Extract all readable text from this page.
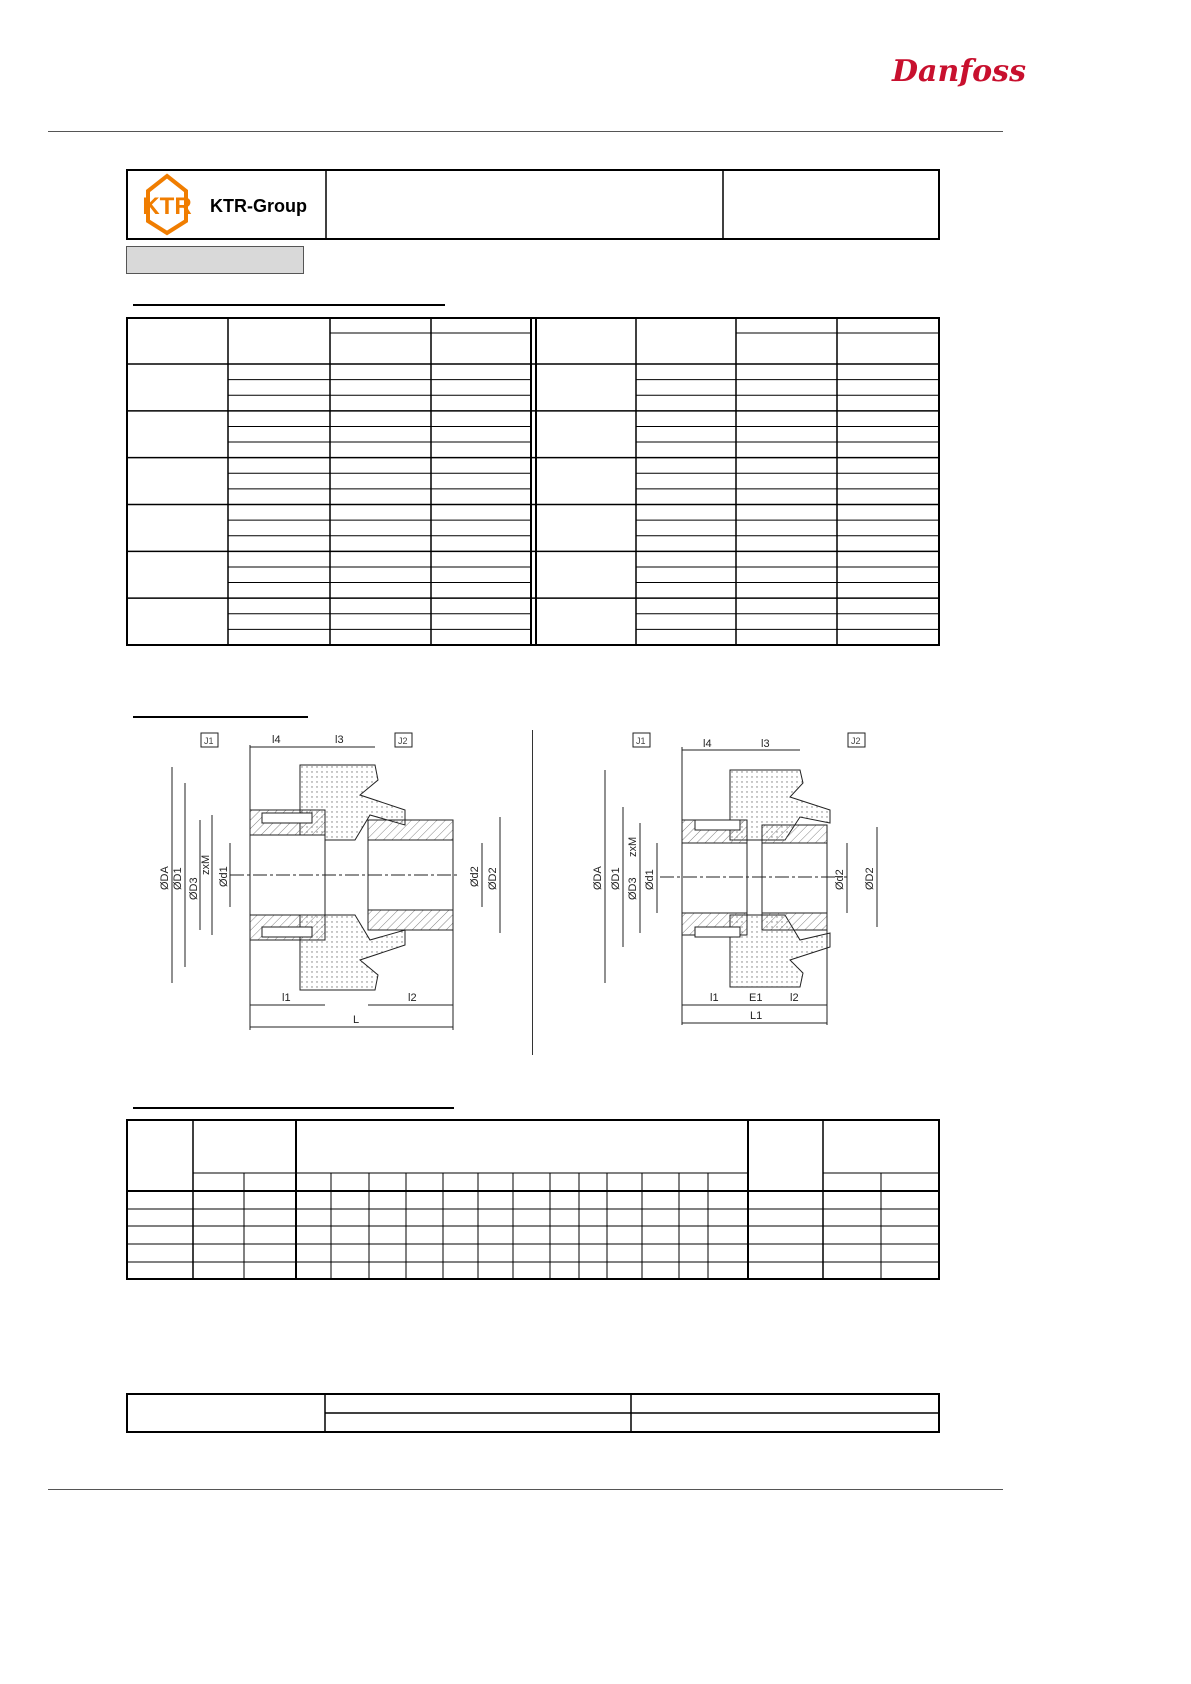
Danfoss
KTR KTR-Group
J1	J2
l4	l3
l1	l2
L
ØDA ØD1 ØD3
zxM
Ød1	Ød2 ØD2
J1	J2
l4	l3
l1	E1	l2
L1
ØDA ØD1 ØD3
zxM
Ød1	Ød2 ØD2
